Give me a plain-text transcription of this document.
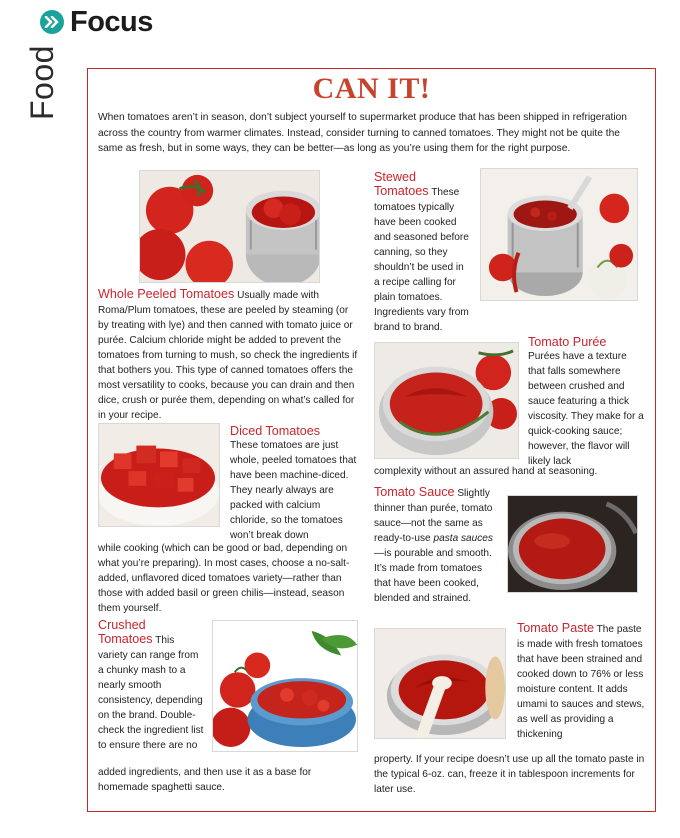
Focus
Food	CAN IT!
When tomatoes aren’t in season, don’t subject yourself to supermarket produce that has been shipped in refrigeration across the country from warmer climates. Instead, consider turning to canned tomatoes. They might not be quite the same as fresh, but in some ways, they can be better—as long as you’re using them for the right purpose.
Whole Peeled Tomatoes Usually made with Roma/Plum tomatoes, these are peeled by steaming (or by treating with lye) and then canned with tomato juice or purée. Calcium chloride might be added to prevent the tomatoes from turning to mush, so check the ingredients if that bothers you. This type of canned tomatoes offers the most versatility to cooks, because you can drain and then dice, crush or purée them, depending on what’s called for in your recipe.
Diced Tomatoes
These tomatoes are just whole, peeled tomatoes that have been machine-diced. They nearly always are packed with calcium chloride, so the tomatoes won’t break down
while cooking (which can be good or bad, depending on what you’re preparing). In most cases, choose a no-salt-added, unflavored diced tomatoes variety—rather than those with added basil or green chilis—instead, season them yourself.
Crushed
Tomatoes This variety can range from a chunky mash to a nearly smooth consistency, depending on the brand. Double-check the ingredient list to ensure there are no
added ingredients, and then use it as a base for homemade spaghetti sauce.
Stewed
Tomatoes These tomatoes typically have been cooked and seasoned before canning, so they shouldn’t be used in a recipe calling for plain tomatoes. Ingredients vary from brand to brand.
Tomato Purée
Purées have a texture that falls somewhere between crushed and sauce featuring a thick viscosity. They make for a quick-cooking sauce; however, the flavor will likely lack
complexity without an assured hand at seasoning.
Tomato Sauce Slightly thinner than purée, tomato sauce—not the same as ready-to-use pasta sauces—is pourable and smooth. It’s made from tomatoes that have been cooked, blended and strained.
Tomato Paste The paste is made with fresh tomatoes that have been strained and cooked down to 76% or less moisture content. It adds umami to sauces and stews, as well as providing a thickening
property. If your recipe doesn’t use up all the tomato paste in the typical 6-oz. can, freeze it in tablespoon increments for later use.
